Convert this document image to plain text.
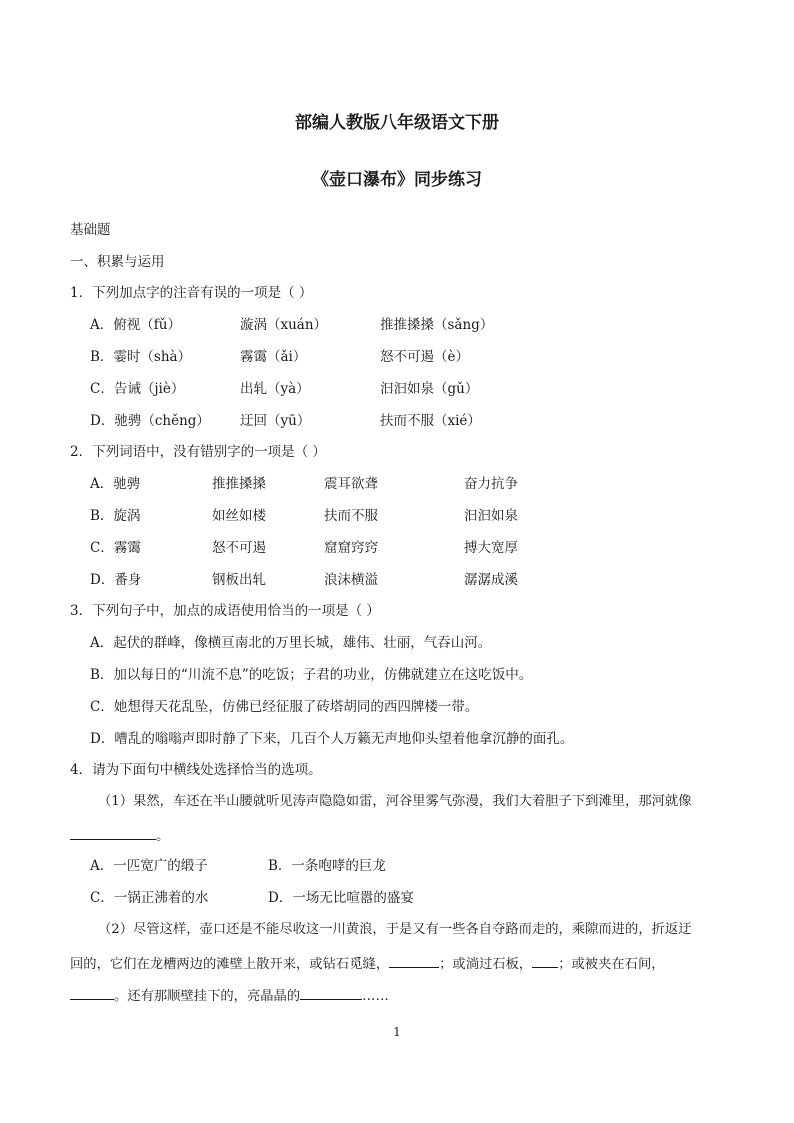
部编人教版八年级语文下册
《壶口瀑布》同步练习
基础题
一、积累与运用
1．下列加点字的注音有误的一项是（ ）
A．俯视（fǔ）	漩涡（xuán）	推推搡搡（sǎng）
B．霎时（shà）	霧霭（ǎi）	怒不可遏（è）
C．告诫（jiè）	出轧（yà）	汩汩如泉（gǔ）
D．驰骋（chěng） 迂回（yū）	扶而不服（xié）
2．下列词语中，没有错别字的一项是（ ）
A．驰骋	推推搡搡	震耳欲聋	奋力抗争
B．旋涡	如丝如楼	扶而不服	汩汩如泉
C．霧霭	怒不可遏	窟窟窍窍	搏大宽厚
D．番身	钢板出轧	浪沫横溢	潺潺成溪
3．下列句子中，加点的成语使用恰当的一项是（ ）
A．起伏的群峰，像横亘南北的万里长城，雄伟、壮丽，气吞山河。
B．加以每日的“川流不息”的吃饭；子君的功业，仿佛就建立在这吃饭中。
C．她想得天花乱坠，仿佛已经征服了砖塔胡同的西四牌楼一带。
D．嘈乱的嗡嗡声即时静了下来，几百个人万籁无声地仰头望着他拿沉静的面孔。
4．请为下面句中横线处选择恰当的选项。
（1）果然，车还在半山腰就听见涛声隐隐如雷，河谷里雾气弥漫，我们大着胆子下到滩里，那河就像
。
A．一匹宽广的缎子	B．一条咆哮的巨龙
C．一锅正沸着的水	D．一场无比喧嚣的盛宴
（2）尽管这样，壶口还是不能尽收这一川黄浪，于是又有一些各自夺路而走的，乘隙而进的，折返迂
回的，它们在龙槽两边的滩壁上散开来，或钻石觅缝，	；或淌过石板， ；或被夹在石间，
。还有那顺壁挂下的，亮晶晶的	……
1
